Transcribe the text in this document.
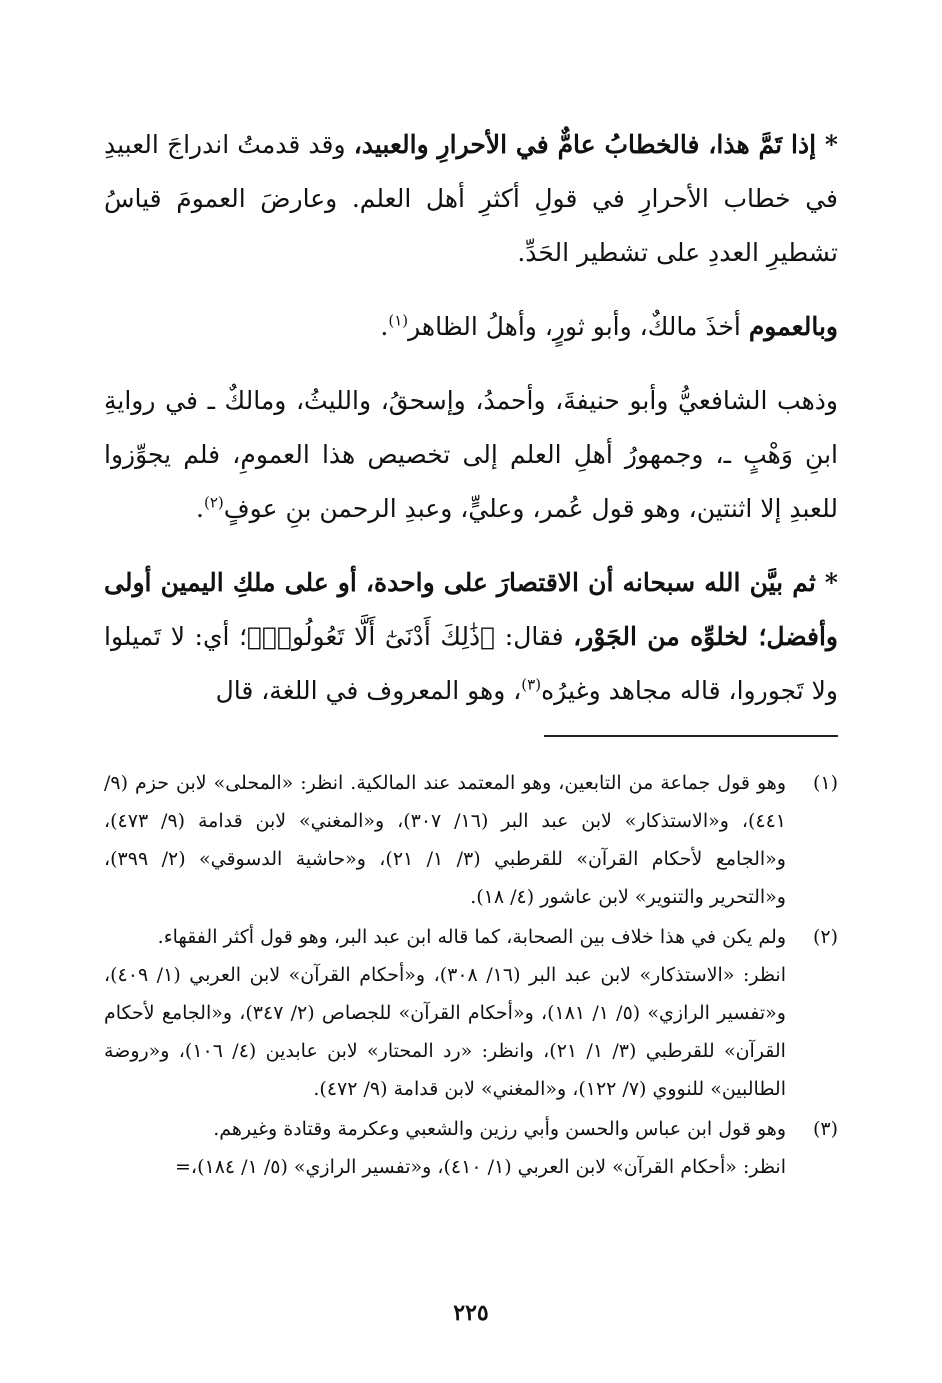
* إذا تَمَّ هذا، فالخطابُ عامٌّ في الأحرارِ والعبيد، وقد قدمتُ اندراجَ العبيدِ في خطاب الأحرارِ في قولِ أكثرِ أهل العلم. وعارضَ العمومَ قياسُ تشطيرِ العددِ على تشطير الحَدِّ.

وبالعموم أخذَ مالكٌ، وأبو ثورٍ، وأهلُ الظاهر$^{(١)}$.

وذهب الشافعيُّ وأبو حنيفةَ، وأحمدُ، وإسحقُ، والليثُ، ومالكٌ ـ في روايةِ ابنِ وَهْبٍ ـ، وجمهورُ أهلِ العلم إلى تخصيص هذا العمومِ، فلم يجوِّزوا للعبدِ إلا اثنتين، وهو قول عُمر، وعليٍّ، وعبدِ الرحمن بنِ عوفٍ$^{(٢)}$.

* ثم بيَّن الله سبحانه أن الاقتصارَ على واحدة، أو على ملكِ اليمين أولى وأفضل؛ لخلوِّه من الجَوْر، فقال: ﴿ذَٰلِكَ أَدْنَىٰٓ أَلَّا تَعُولُوا۟﴾؛ أي: لا تَميلوا ولا تَجوروا، قاله مجاهد وغيرُه$^{(٣)}$، وهو المعروف في اللغة، قال

(١)

وهو قول جماعة من التابعين، وهو المعتمد عند المالكية. انظر: «المحلى» لابن حزم (٩/ ٤٤١)، و«الاستذكار» لابن عبد البر (١٦/ ٣٠٧)، و«المغني» لابن قدامة (٩/ ٤٧٣)، و«الجامع لأحكام القرآن» للقرطبي (٣/ ١/ ٢١)، و«حاشية الدسوقي» (٢/ ٣٩٩)، و«التحرير والتنوير» لابن عاشور (٤/ ١٨).

(٢)

ولم يكن في هذا خلاف بين الصحابة، كما قاله ابن عبد البر، وهو قول أكثر الفقهاء.

انظر: «الاستذكار» لابن عبد البر (١٦/ ٣٠٨)، و«أحكام القرآن» لابن العربي (١/ ٤٠٩)، و«تفسير الرازي» (٥/ ١/ ١٨١)، و«أحكام القرآن» للجصاص (٢/ ٣٤٧)، و«الجامع لأحكام القرآن» للقرطبي (٣/ ١/ ٢١)، وانظر: «رد المحتار» لابن عابدين (٤/ ١٠٦)، و«روضة الطالبين» للنووي (٧/ ١٢٢)، و«المغني» لابن قدامة (٩/ ٤٧٢).

(٣)

وهو قول ابن عباس والحسن وأبي رزين والشعبي وعكرمة وقتادة وغيرهم.

انظر: «أحكام القرآن» لابن العربي (١/ ٤١٠)، و«تفسير الرازي» (٥/ ١/ ١٨٤)،=

٢٢٥
